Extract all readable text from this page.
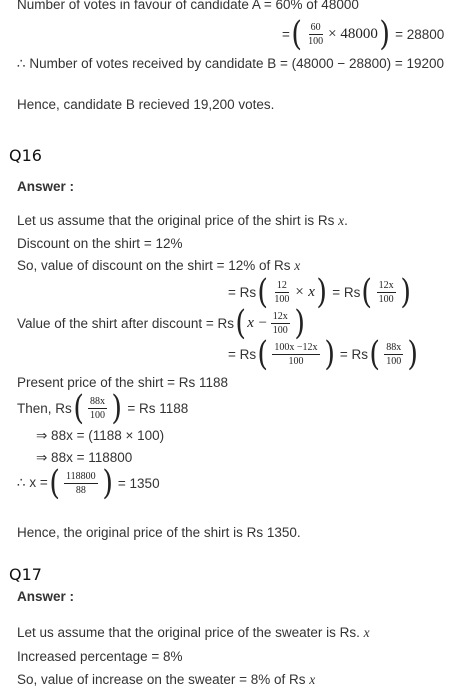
Number of votes in favour of candidate A = 60% of 48000
= ( $\frac{60}{100} \times 48000$ ) = 28800
∴ Number of votes received by candidate B = (48000 − 28800) = 19200
Hence, candidate B recieved 19,200 votes.
Q16
Answer :
Let us assume that the original price of the shirt is Rs x.
Discount on the shirt = 12%
So, value of discount on the shirt = 12% of Rs x
= Rs ( $\frac{12}{100} \times x$ ) = Rs ( $\frac{12x}{100}$ )
Value of the shirt after discount = Rs ( $x - \frac{12x}{100}$ )
= Rs ( $\frac{100x -12x}{100}$ ) = Rs ( $\frac{88x}{100}$ )
Present price of the shirt = Rs 1188
Then, Rs ( $\frac{88x}{100}$ ) = Rs 1188
⇒ 88x = (1188 × 100)
⇒ 88x = 118800
∴ x = ( $\frac{118800}{88}$ ) = 1350
Hence, the original price of the shirt is Rs 1350.
Q17
Answer :
Let us assume that the original price of the sweater is Rs. x
Increased percentage = 8%
So, value of increase on the sweater = 8% of Rs x
